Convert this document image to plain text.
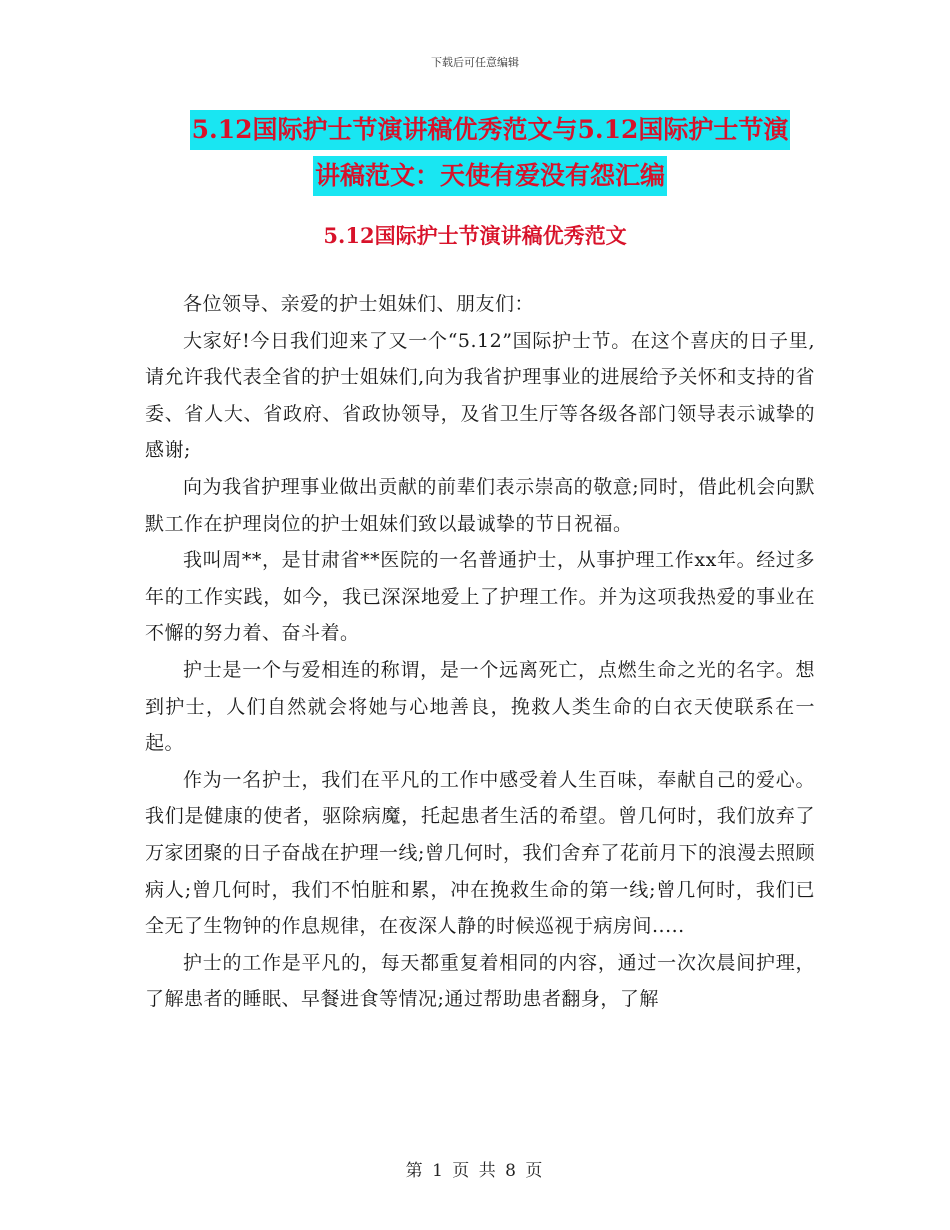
下载后可任意编辑
5.12国际护士节演讲稿优秀范文与5.12国际护士节演
讲稿范文：天使有爱没有怨汇编
5.12国际护士节演讲稿优秀范文

各位领导、亲爱的护士姐妹们、朋友们：

大家好!今日我们迎来了又一个“5.12”国际护士节。在这个喜庆的日子里,请允许我代表全省的护士姐妹们,向为我省护理事业的进展给予关怀和支持的省委、省人大、省政府、省政协领导，及省卫生厅等各级各部门领导表示诚挚的感谢;

向为我省护理事业做出贡献的前辈们表示崇高的敬意;同时，借此机会向默默工作在护理岗位的护士姐妹们致以最诚挚的节日祝福。

我叫周**，是甘肃省**医院的一名普通护士，从事护理工作xx年。经过多年的工作实践，如今，我已深深地爱上了护理工作。并为这项我热爱的事业在不懈的努力着、奋斗着。

护士是一个与爱相连的称谓，是一个远离死亡，点燃生命之光的名字。想到护士，人们自然就会将她与心地善良，挽救人类生命的白衣天使联系在一起。

作为一名护士，我们在平凡的工作中感受着人生百味，奉献自己的爱心。我们是健康的使者，驱除病魔，托起患者生活的希望。曾几何时，我们放弃了万家团聚的日子奋战在护理一线;曾几何时，我们舍弃了花前月下的浪漫去照顾病人;曾几何时，我们不怕脏和累，冲在挽救生命的第一线;曾几何时，我们已全无了生物钟的作息规律，在夜深人静的时候巡视于病房间.....

护士的工作是平凡的，每天都重复着相同的内容，通过一次次晨间护理，了解患者的睡眠、早餐进食等情况;通过帮助患者翻身，了解

第 1 页 共 8 页
